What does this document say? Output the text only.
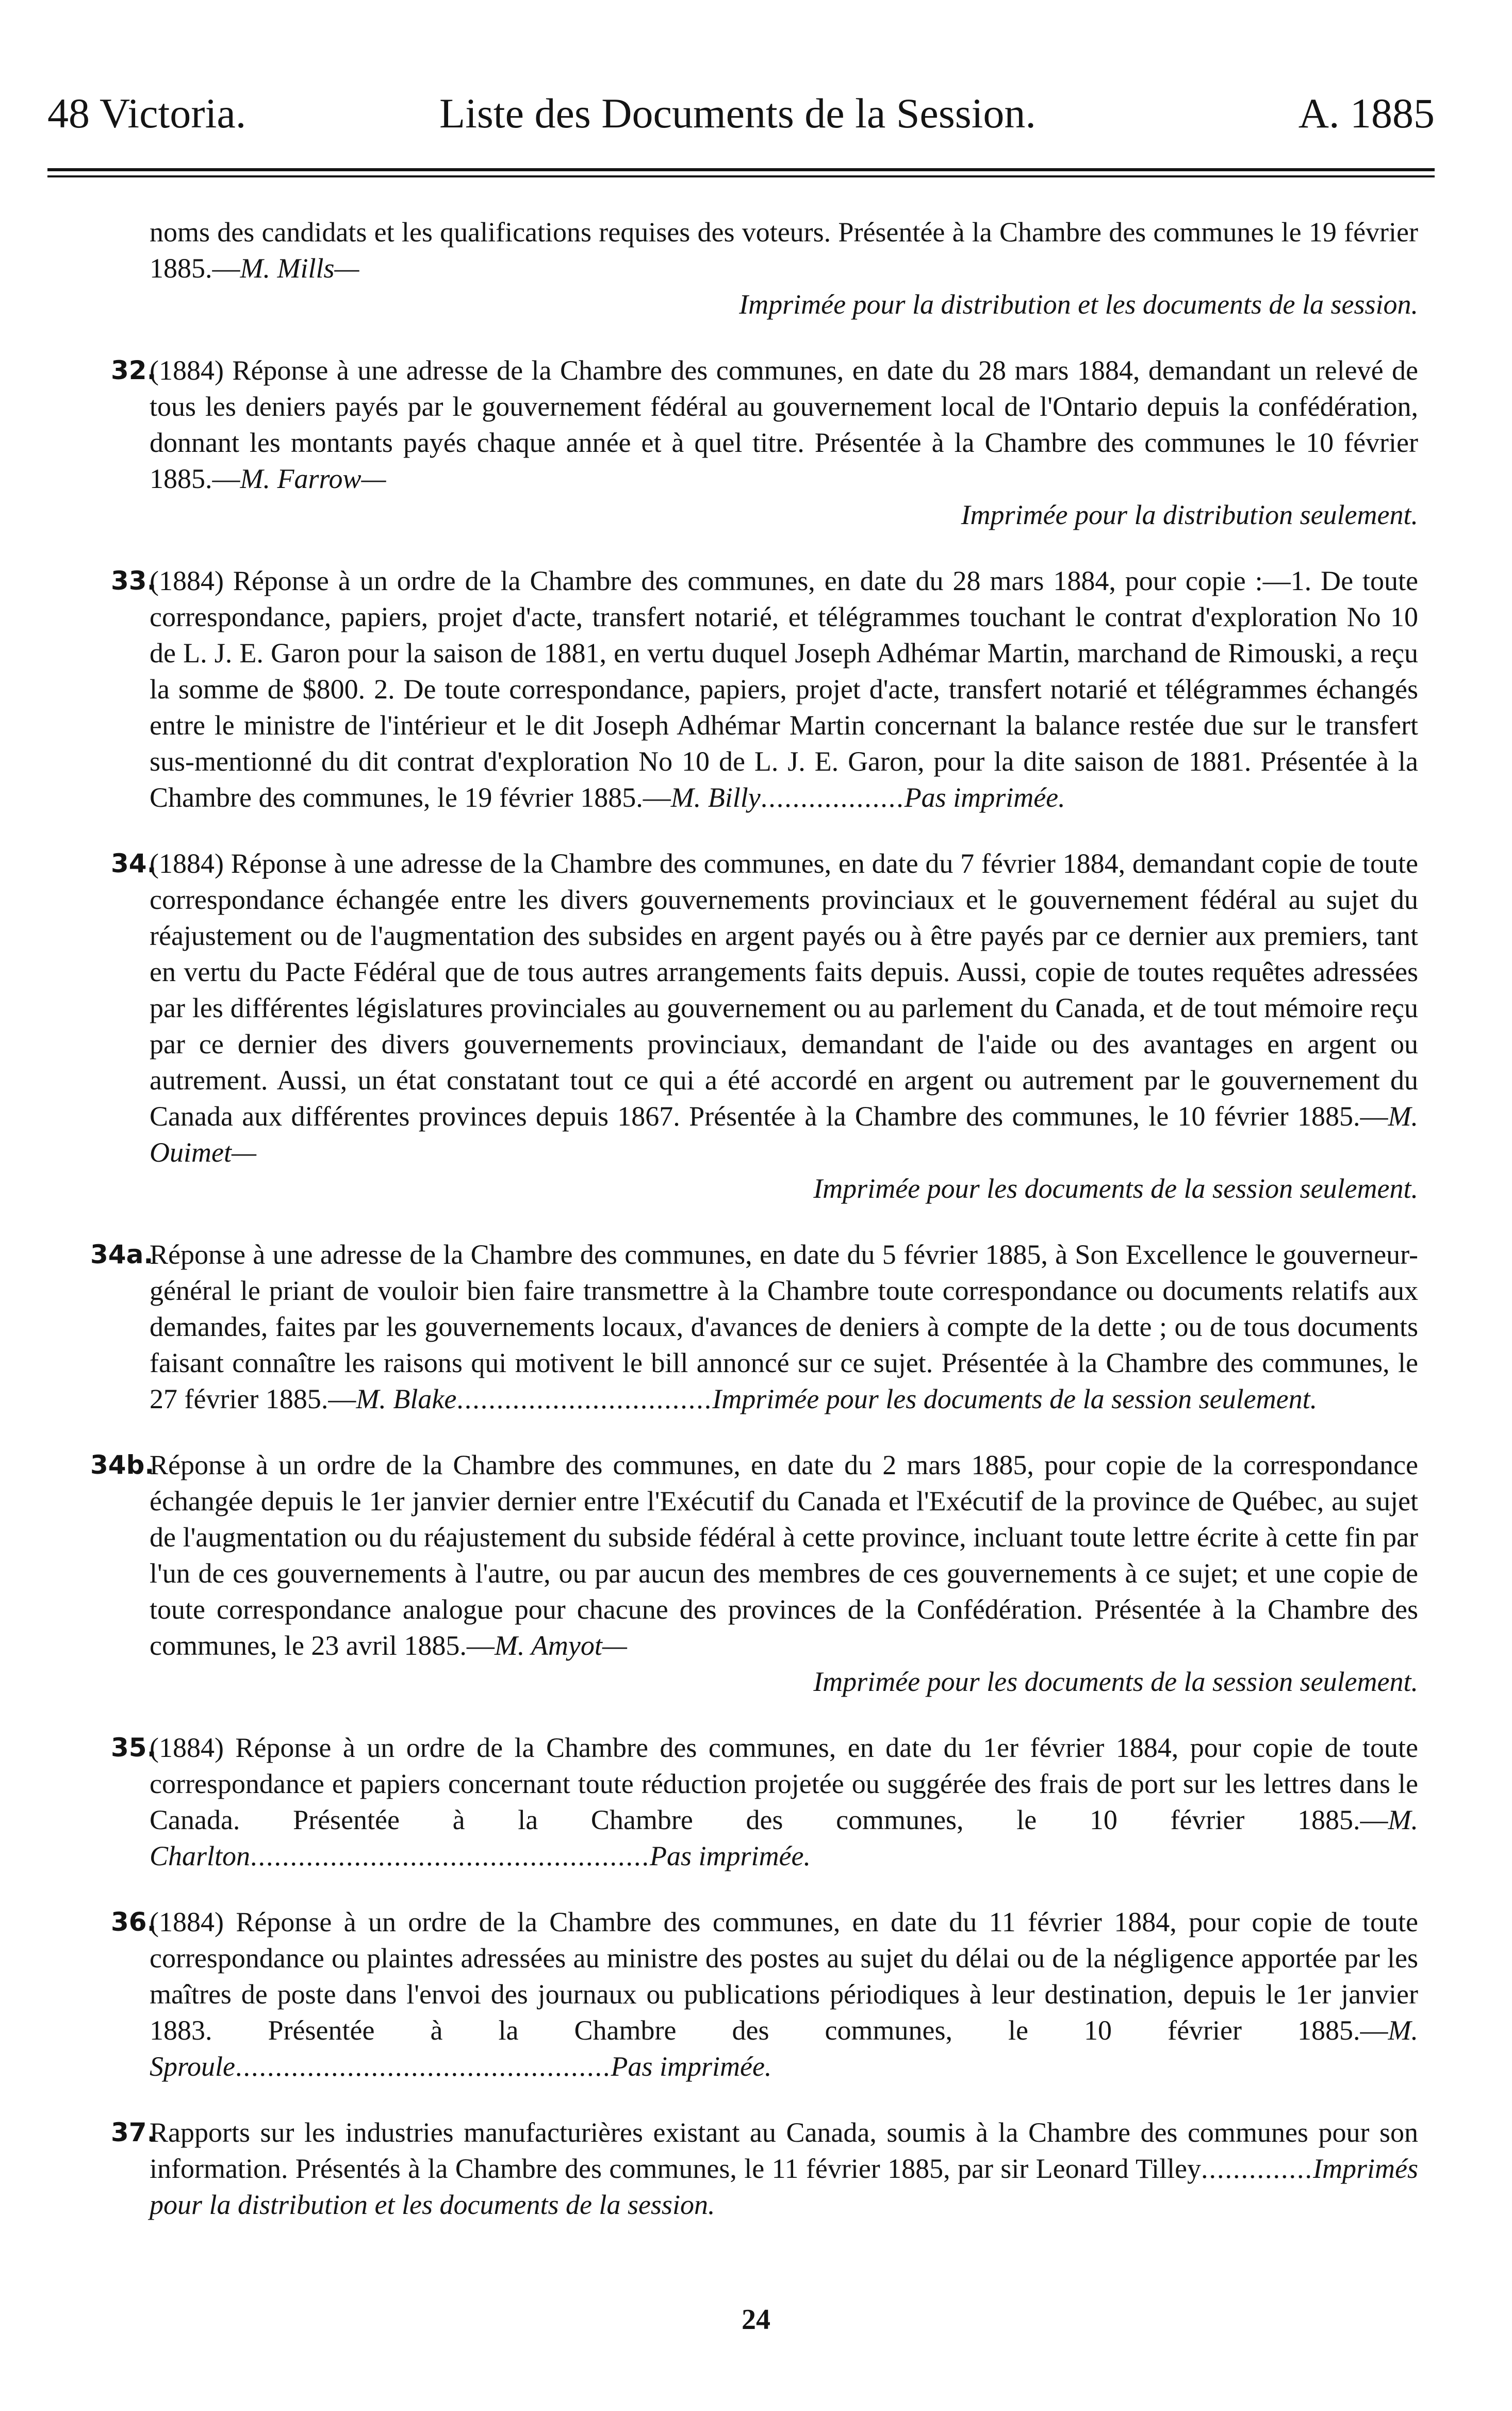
48 Victoria.	Liste des Documents de la Session.	A. 1885
noms des candidats et les qualifications requises des voteurs. Présentée à la Chambre des communes le 19 février 1885.—M. Mills—
Imprimée pour la distribution et les documents de la session.
32.
(1884) Réponse à une adresse de la Chambre des communes, en date du 28 mars 1884, demandant un relevé de tous les deniers payés par le gouvernement fédéral au gouvernement local de l'Ontario depuis la confédération, donnant les montants payés chaque année et à quel titre. Présentée à la Chambre des communes le 10 février 1885.—M. Farrow—
Imprimée pour la distribution seulement.
33.
(1884) Réponse à un ordre de la Chambre des communes, en date du 28 mars 1884, pour copie :—1. De toute correspondance, papiers, projet d'acte, transfert notarié, et télégrammes touchant le contrat d'exploration No 10 de L. J. E. Garon pour la saison de 1881, en vertu duquel Joseph Adhémar Martin, marchand de Rimouski, a reçu la somme de $800. 2. De toute correspondance, papiers, projet d'acte, transfert notarié et télégrammes échangés entre le ministre de l'intérieur et le dit Joseph Adhémar Martin concernant la balance restée due sur le transfert sus-mentionné du dit contrat d'exploration No 10 de L. J. E. Garon, pour la dite saison de 1881. Présentée à la Chambre des communes, le 19 février 1885.—M. Billy..................Pas imprimée.
34.
(1884) Réponse à une adresse de la Chambre des communes, en date du 7 février 1884, demandant copie de toute correspondance échangée entre les divers gouvernements provinciaux et le gouvernement fédéral au sujet du réajustement ou de l'augmentation des subsides en argent payés ou à être payés par ce dernier aux premiers, tant en vertu du Pacte Fédéral que de tous autres arrangements faits depuis. Aussi, copie de toutes requêtes adressées par les différentes législatures provinciales au gouvernement ou au parlement du Canada, et de tout mémoire reçu par ce dernier des divers gouvernements provinciaux, demandant de l'aide ou des avantages en argent ou autrement. Aussi, un état constatant tout ce qui a été accordé en argent ou autrement par le gouvernement du Canada aux différentes provinces depuis 1867. Présentée à la Chambre des communes, le 10 février 1885.—M. Ouimet—
Imprimée pour les documents de la session seulement.
34a.
Réponse à une adresse de la Chambre des communes, en date du 5 février 1885, à Son Excellence le gouverneur-général le priant de vouloir bien faire transmettre à la Chambre toute correspondance ou documents relatifs aux demandes, faites par les gouvernements locaux, d'avances de deniers à compte de la dette ; ou de tous documents faisant connaître les raisons qui motivent le bill annoncé sur ce sujet. Présentée à la Chambre des communes, le 27 février 1885.—M. Blake................................Imprimée pour les documents de la session seulement.
34b.
Réponse à un ordre de la Chambre des communes, en date du 2 mars 1885, pour copie de la correspondance échangée depuis le 1er janvier dernier entre l'Exécutif du Canada et l'Exécutif de la province de Québec, au sujet de l'augmentation ou du réajustement du subside fédéral à cette province, incluant toute lettre écrite à cette fin par l'un de ces gouvernements à l'autre, ou par aucun des membres de ces gouvernements à ce sujet; et une copie de toute correspondance analogue pour chacune des provinces de la Confédération. Présentée à la Chambre des communes, le 23 avril 1885.—M. Amyot—
Imprimée pour les documents de la session seulement.
35.
(1884) Réponse à un ordre de la Chambre des communes, en date du 1er février 1884, pour copie de toute correspondance et papiers concernant toute réduction projetée ou suggérée des frais de port sur les lettres dans le Canada. Présentée à la Chambre des communes, le 10 février 1885.—M. Charlton..................................................Pas imprimée.
36.
(1884) Réponse à un ordre de la Chambre des communes, en date du 11 février 1884, pour copie de toute correspondance ou plaintes adressées au ministre des postes au sujet du délai ou de la négligence apportée par les maîtres de poste dans l'envoi des journaux ou publications périodiques à leur destination, depuis le 1er janvier 1883. Présentée à la Chambre des communes, le 10 février 1885.—M. Sproule...............................................Pas imprimée.
37.
Rapports sur les industries manufacturières existant au Canada, soumis à la Chambre des communes pour son information. Présentés à la Chambre des communes, le 11 février 1885, par sir Leonard Tilley..............Imprimés pour la distribution et les documents de la session.
24
